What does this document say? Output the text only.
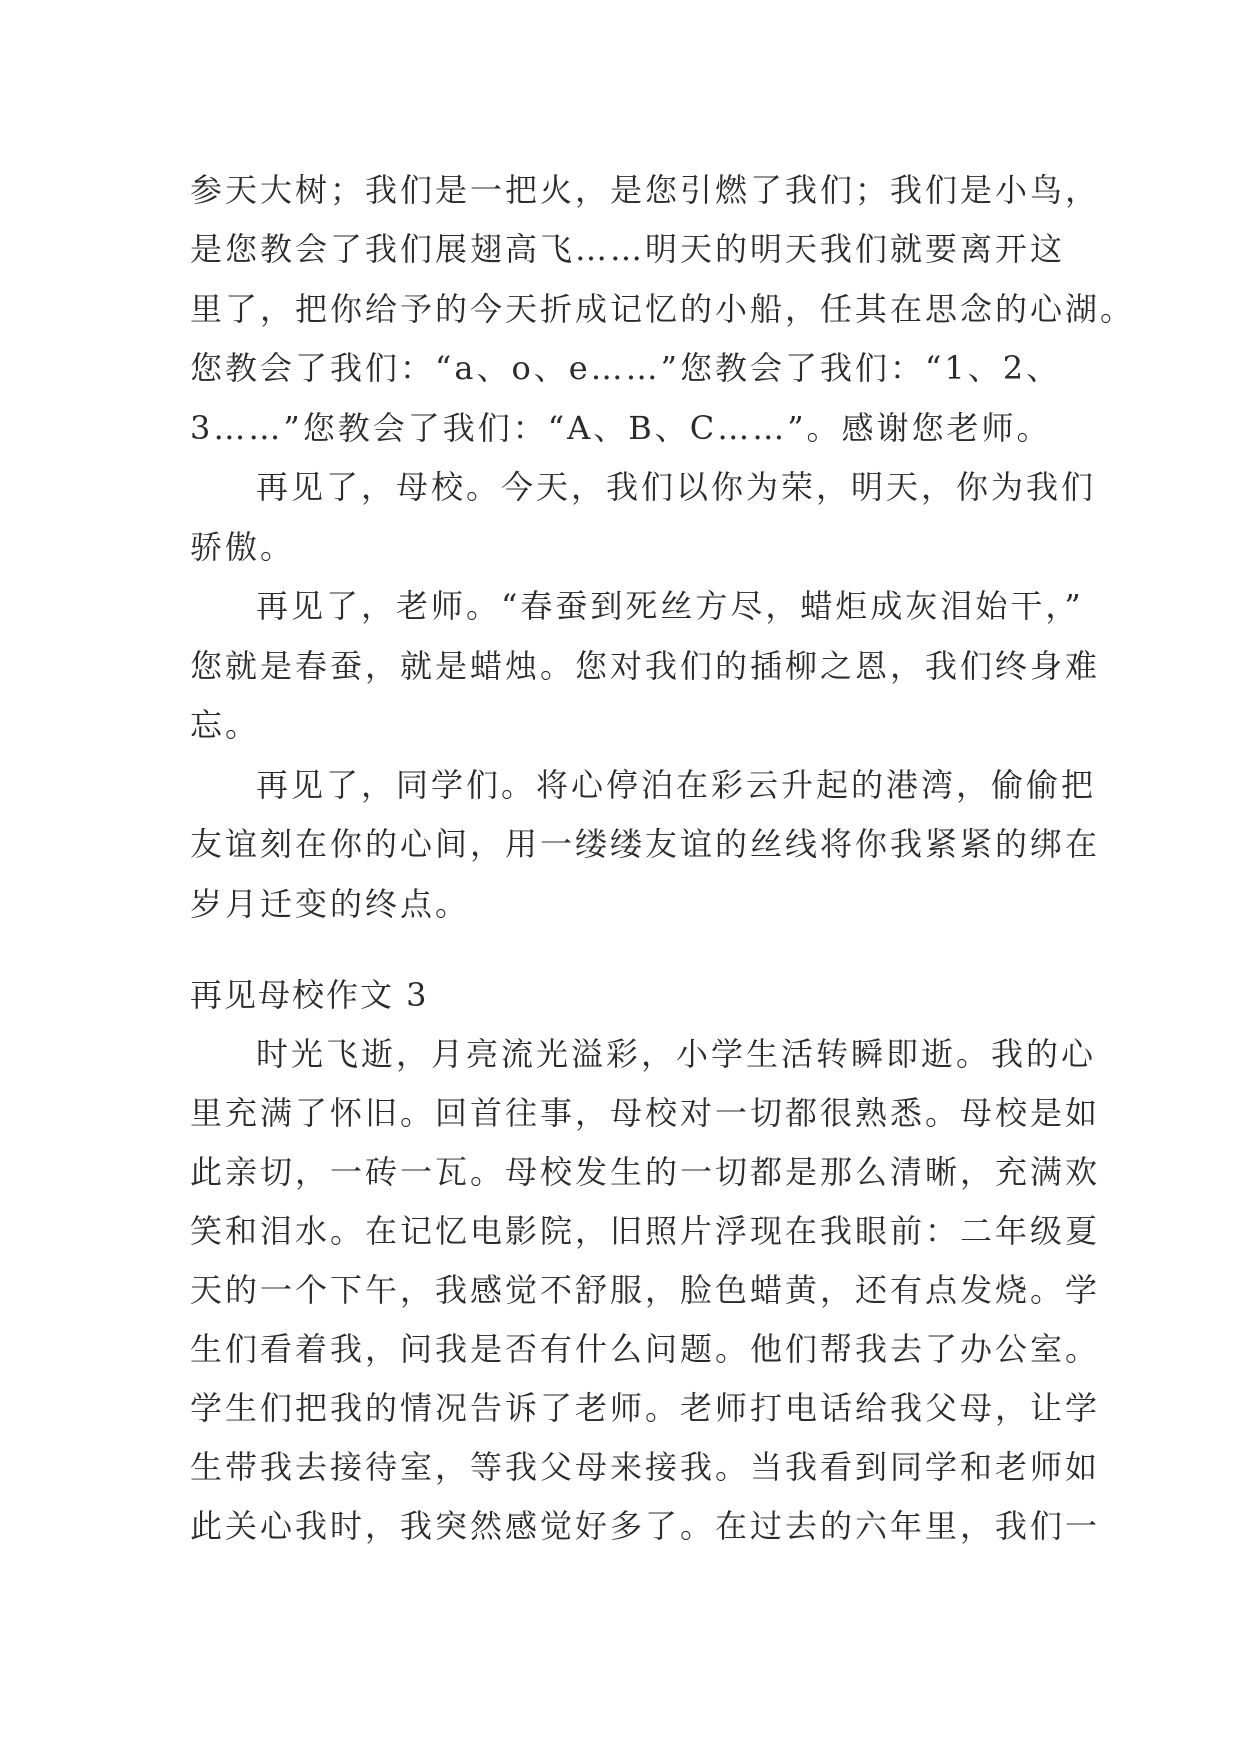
参天大树；我们是一把火，是您引燃了我们；我们是小鸟，
是您教会了我们展翅高飞……明天的明天我们就要离开这
里了，把你给予的今天折成记忆的小船，任其在思念的心湖。
您教会了我们：“a、o、e……”您教会了我们：“1、2、
3……”您教会了我们：“A、B、C……”。感谢您老师。
再见了，母校。今天，我们以你为荣，明天，你为我们
骄傲。
再见了，老师。“春蚕到死丝方尽，蜡炬成灰泪始干，”
您就是春蚕，就是蜡烛。您对我们的插柳之恩，我们终身难
忘。
再见了，同学们。将心停泊在彩云升起的港湾，偷偷把
友谊刻在你的心间，用一缕缕友谊的丝线将你我紧紧的绑在
岁月迁变的终点。
再见母校作文 3
时光飞逝，月亮流光溢彩，小学生活转瞬即逝。我的心
里充满了怀旧。回首往事，母校对一切都很熟悉。母校是如
此亲切，一砖一瓦。母校发生的一切都是那么清晰，充满欢
笑和泪水。在记忆电影院，旧照片浮现在我眼前：二年级夏
天的一个下午，我感觉不舒服，脸色蜡黄，还有点发烧。学
生们看着我，问我是否有什么问题。他们帮我去了办公室。
学生们把我的情况告诉了老师。老师打电话给我父母，让学
生带我去接待室，等我父母来接我。当我看到同学和老师如
此关心我时，我突然感觉好多了。在过去的六年里，我们一
